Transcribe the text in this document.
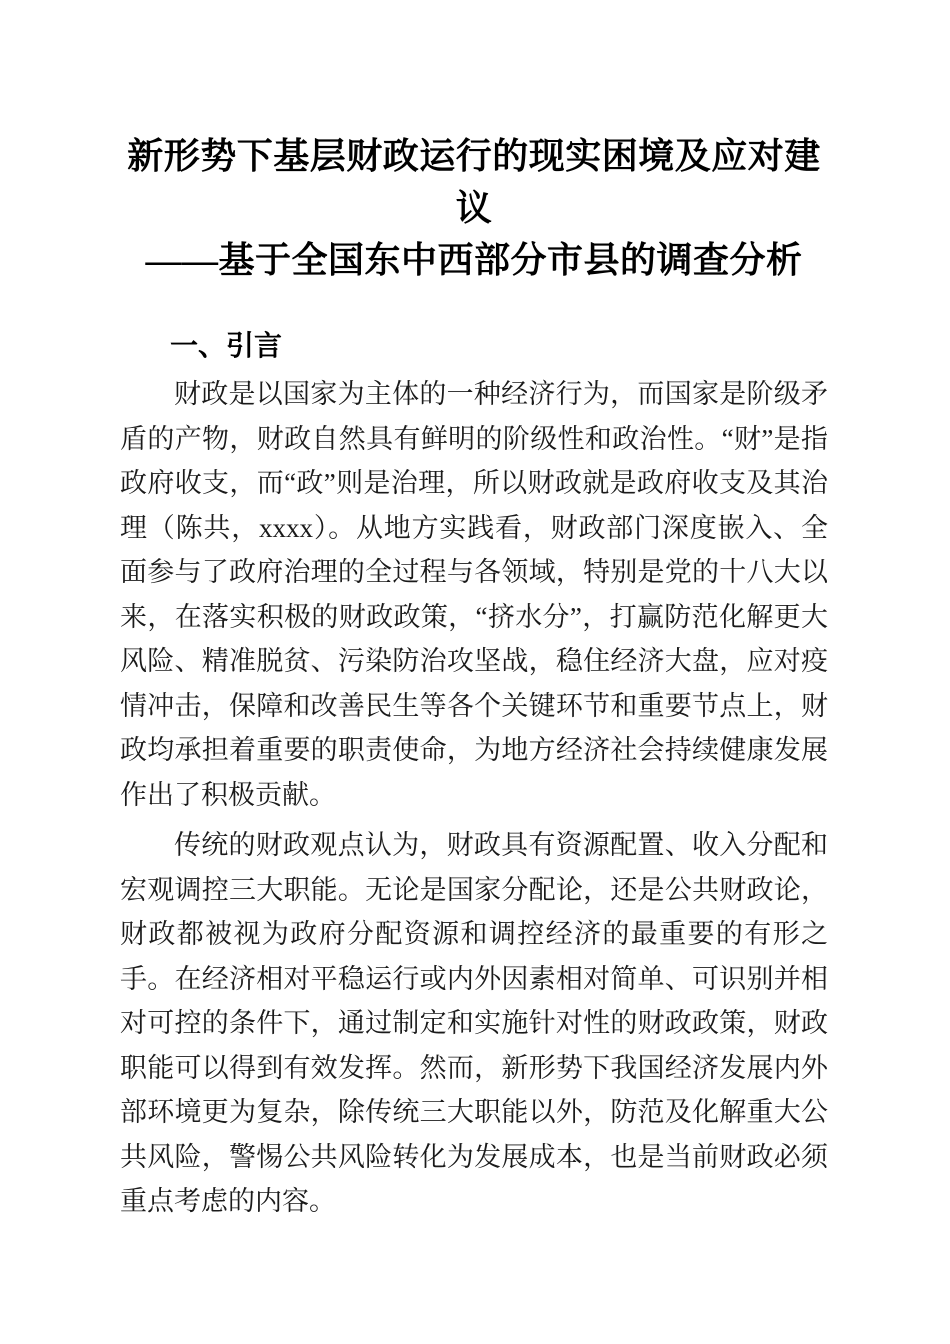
新形势下基层财政运行的现实困境及应对建议
——基于全国东中西部分市县的调查分析
一、引言

财政是以国家为主体的一种经济行为，而国家是阶级矛盾的产物，财政自然具有鲜明的阶级性和政治性。“财”是指政府收支，而“政”则是治理，所以财政就是政府收支及其治理（陈共，xxxx）。从地方实践看，财政部门深度嵌入、全面参与了政府治理的全过程与各领域，特别是党的十八大以来，在落实积极的财政政策，“挤水分”，打赢防范化解更大风险、精准脱贫、污染防治攻坚战，稳住经济大盘，应对疫情冲击，保障和改善民生等各个关键环节和重要节点上，财政均承担着重要的职责使命，为地方经济社会持续健康发展作出了积极贡献。

传统的财政观点认为，财政具有资源配置、收入分配和宏观调控三大职能。无论是国家分配论，还是公共财政论，财政都被视为政府分配资源和调控经济的最重要的有形之手。在经济相对平稳运行或内外因素相对简单、可识别并相对可控的条件下，通过制定和实施针对性的财政政策，财政职能可以得到有效发挥。然而，新形势下我国经济发展内外部环境更为复杂，除传统三大职能以外，防范及化解重大公共风险，警惕公共风险转化为发展成本，也是当前财政必须重点考虑的内容。
